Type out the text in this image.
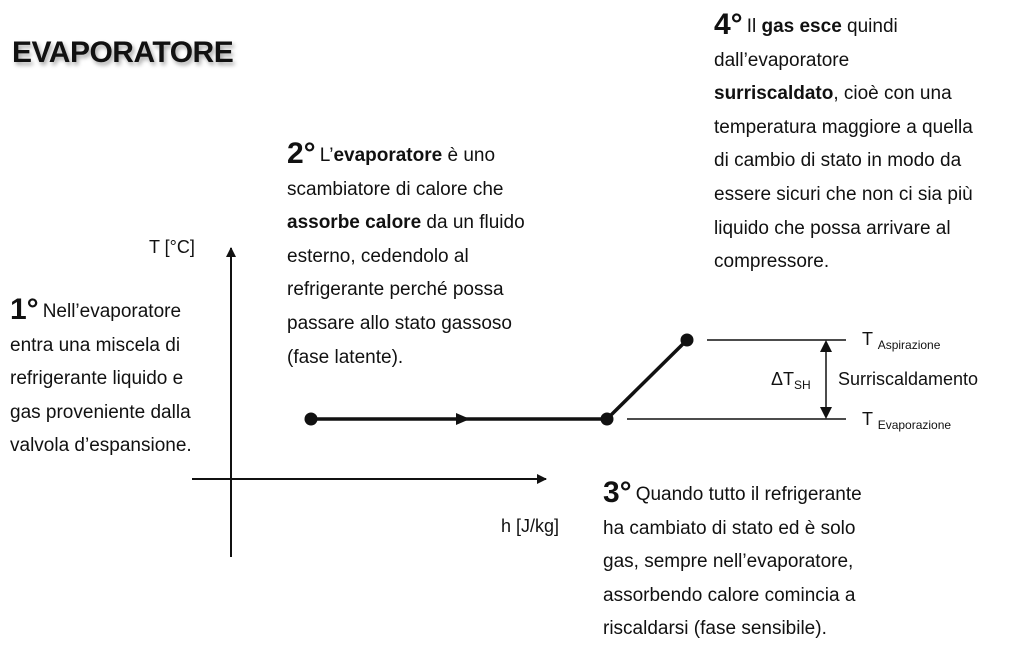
EVAPORATORE
T [°C]
h [J/kg]
T $_{Aspirazione}$
T $_{Evaporazione}$
$\Delta T_{SH}$ Surriscaldamento
1° Nell’evaporatore
entra una miscela di
refrigerante liquido e
gas proveniente dalla
valvola d’espansione.
2° L’evaporatore è uno
scambiatore di calore che
assorbe calore da un fluido
esterno, cedendolo al
refrigerante perché possa
passare allo stato gassoso
(fase latente).
3° Quando tutto il refrigerante
ha cambiato di stato ed è solo
gas, sempre nell’evaporatore,
assorbendo calore comincia a
riscaldarsi (fase sensibile).
4° Il gas esce quindi
dall’evaporatore
surriscaldato, cioè con una
temperatura maggiore a quella
di cambio di stato in modo da
essere sicuri che non ci sia più
liquido che possa arrivare al
compressore.
